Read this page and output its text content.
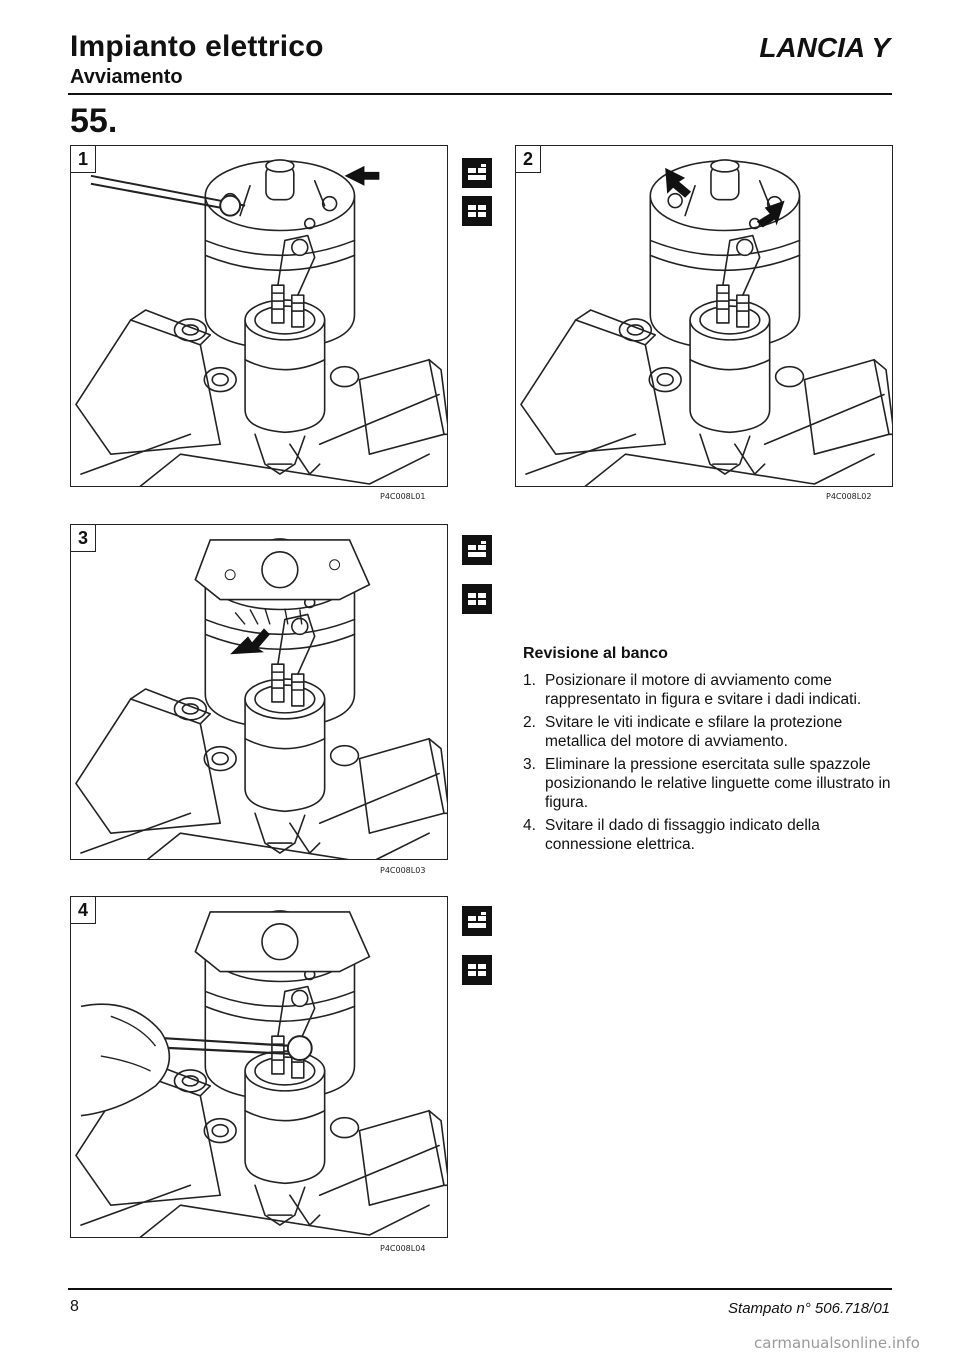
Impianto elettrico
Avviamento
LANCIA Y
55.
1
P4C008L01
2
P4C008L02
3
P4C008L03
4
P4C008L04
Revisione al banco
1. Posizionare il motore di avviamento come rappresentato in figura e svitare i dadi indicati.
2. Svitare le viti indicate e sfilare la protezione metallica del motore di avviamento.
3. Eliminare la pressione esercitata sulle spazzole posizionando le relative linguette come illustrato in figura.
4. Svitare il dado di fissaggio indicato della connessione elettrica.
8	Stampato n° 506.718/01
carmanualsonline.info
